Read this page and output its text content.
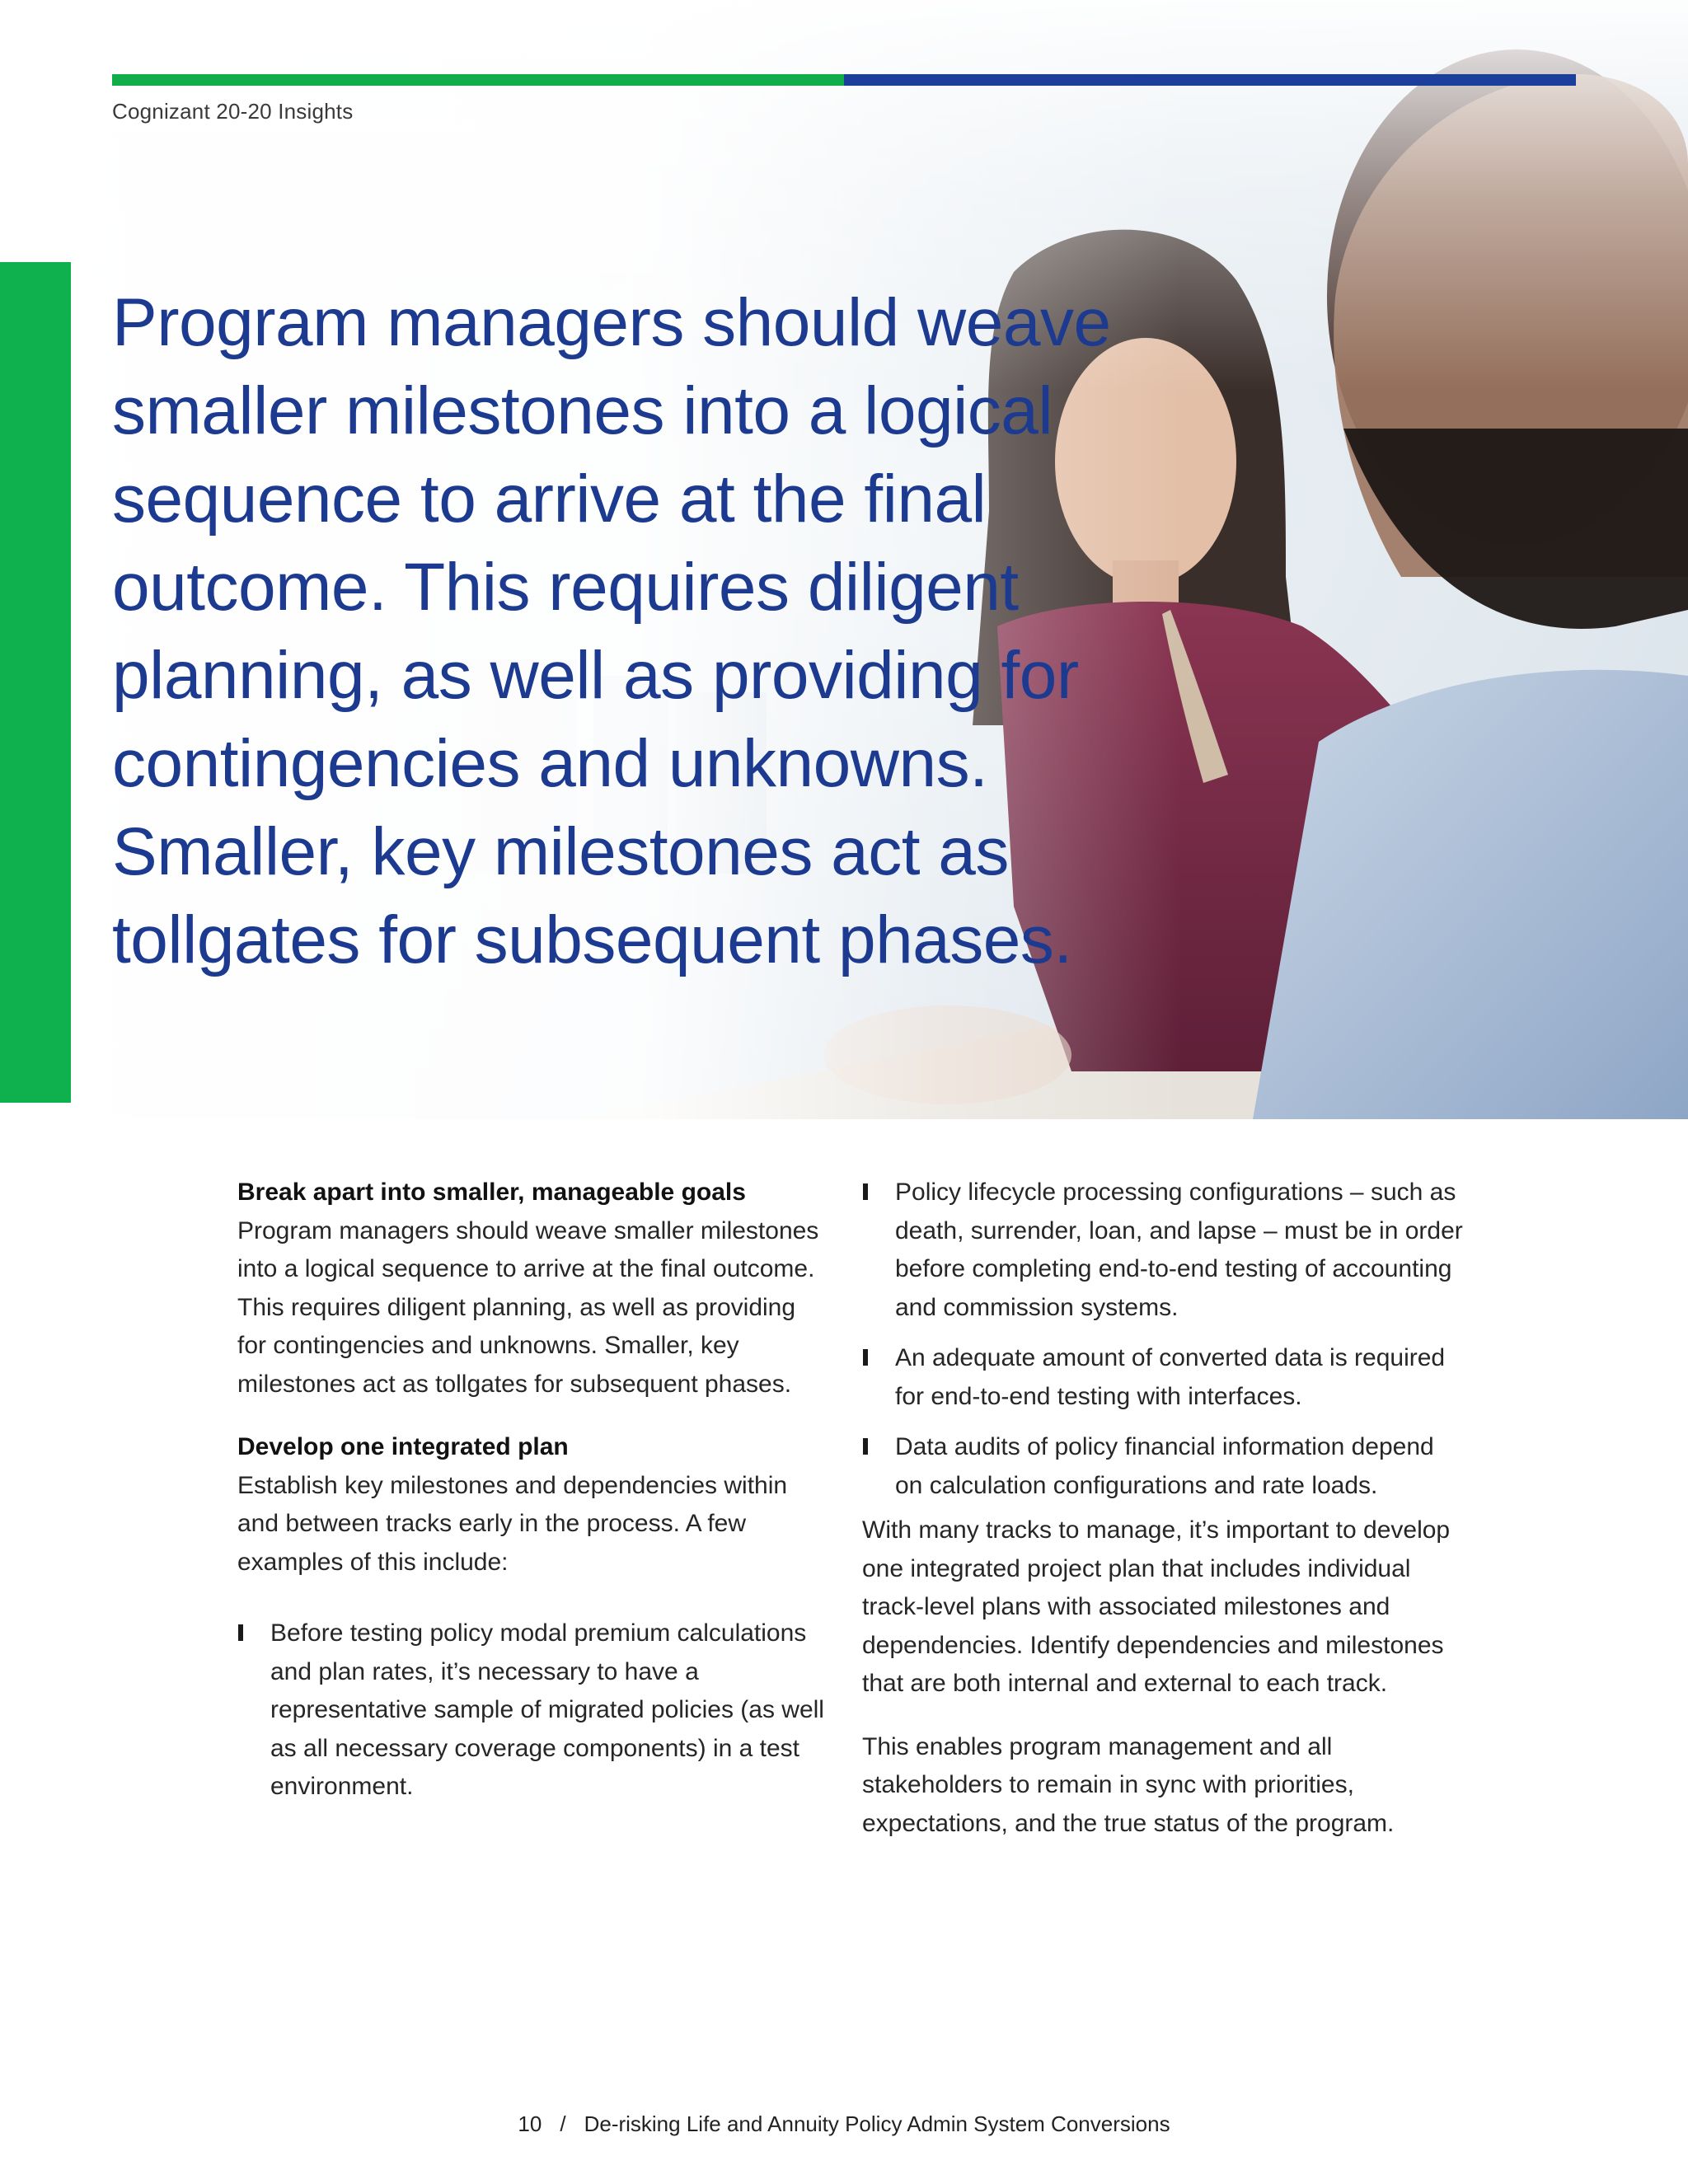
Cognizant 20-20 Insights
Program managers should weave smaller milestones into a logical sequence to arrive at the final outcome. This requires diligent planning, as well as providing for contingencies and unknowns. Smaller, key milestones act as tollgates for subsequent phases.
Break apart into smaller, manageable goals

Program managers should weave smaller milestones into a logical sequence to arrive at the final outcome. This requires diligent planning, as well as providing for contingencies and unknowns. Smaller, key milestones act as tollgates for subsequent phases.

Develop one integrated plan

Establish key milestones and dependencies within and between tracks early in the process. A few examples of this include:

Before testing policy modal premium calculations and plan rates, it’s necessary to have a representative sample of migrated policies (as well as all necessary coverage components) in a test environment.
Policy lifecycle processing configurations – such as death, surrender, loan, and lapse – must be in order before completing end-to-end testing of accounting and commission systems.
An adequate amount of converted data is required for end-to-end testing with interfaces.
Data audits of policy financial information depend on calculation configurations and rate loads.

With many tracks to manage, it’s important to develop one integrated project plan that includes individual track-level plans with associated milestones and dependencies. Identify dependencies and milestones that are both internal and external to each track.

This enables program management and all stakeholders to remain in sync with priorities, expectations, and the true status of the program.

10 / De-risking Life and Annuity Policy Admin System Conversions
